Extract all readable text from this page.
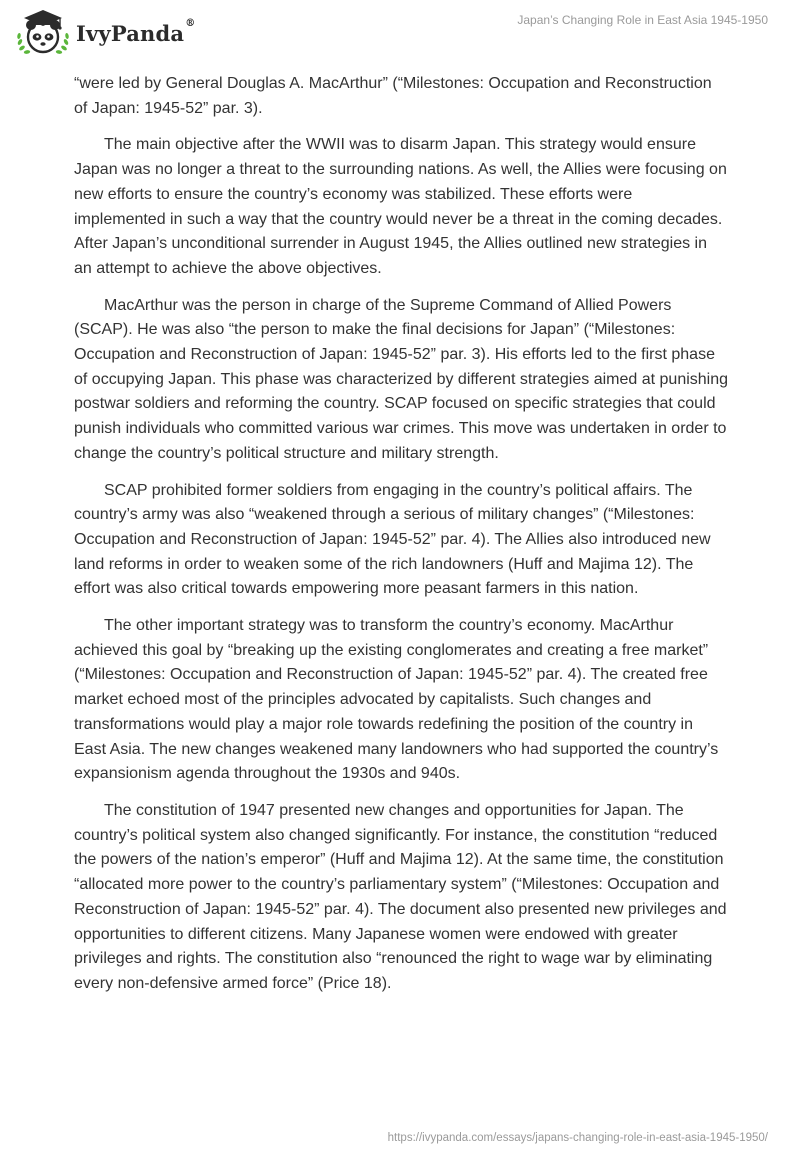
IvyPanda®	Japan’s Changing Role in East Asia 1945-1950

“were led by General Douglas A. MacArthur” (“Milestones: Occupation and Reconstruction of Japan: 1945-52” par. 3).

The main objective after the WWII was to disarm Japan. This strategy would ensure Japan was no longer a threat to the surrounding nations. As well, the Allies were focusing on new efforts to ensure the country’s economy was stabilized. These efforts were implemented in such a way that the country would never be a threat in the coming decades. After Japan’s unconditional surrender in August 1945, the Allies outlined new strategies in an attempt to achieve the above objectives.

MacArthur was the person in charge of the Supreme Command of Allied Powers (SCAP). He was also “the person to make the final decisions for Japan” (“Milestones: Occupation and Reconstruction of Japan: 1945-52” par. 3). His efforts led to the first phase of occupying Japan. This phase was characterized by different strategies aimed at punishing postwar soldiers and reforming the country. SCAP focused on specific strategies that could punish individuals who committed various war crimes. This move was undertaken in order to change the country’s political structure and military strength.

SCAP prohibited former soldiers from engaging in the country’s political affairs. The country’s army was also “weakened through a serious of military changes” (“Milestones: Occupation and Reconstruction of Japan: 1945-52” par. 4). The Allies also introduced new land reforms in order to weaken some of the rich landowners (Huff and Majima 12). The effort was also critical towards empowering more peasant farmers in this nation.

The other important strategy was to transform the country’s economy. MacArthur achieved this goal by “breaking up the existing conglomerates and creating a free market” (“Milestones: Occupation and Reconstruction of Japan: 1945-52” par. 4). The created free market echoed most of the principles advocated by capitalists. Such changes and transformations would play a major role towards redefining the position of the country in East Asia. The new changes weakened many landowners who had supported the country’s expansionism agenda throughout the 1930s and 940s.

The constitution of 1947 presented new changes and opportunities for Japan. The country’s political system also changed significantly. For instance, the constitution “reduced the powers of the nation’s emperor” (Huff and Majima 12). At the same time, the constitution “allocated more power to the country’s parliamentary system” (“Milestones: Occupation and Reconstruction of Japan: 1945-52” par. 4). The document also presented new privileges and opportunities to different citizens. Many Japanese women were endowed with greater privileges and rights. The constitution also “renounced the right to wage war by eliminating every non-defensive armed force” (Price 18).

https://ivypanda.com/essays/japans-changing-role-in-east-asia-1945-1950/
